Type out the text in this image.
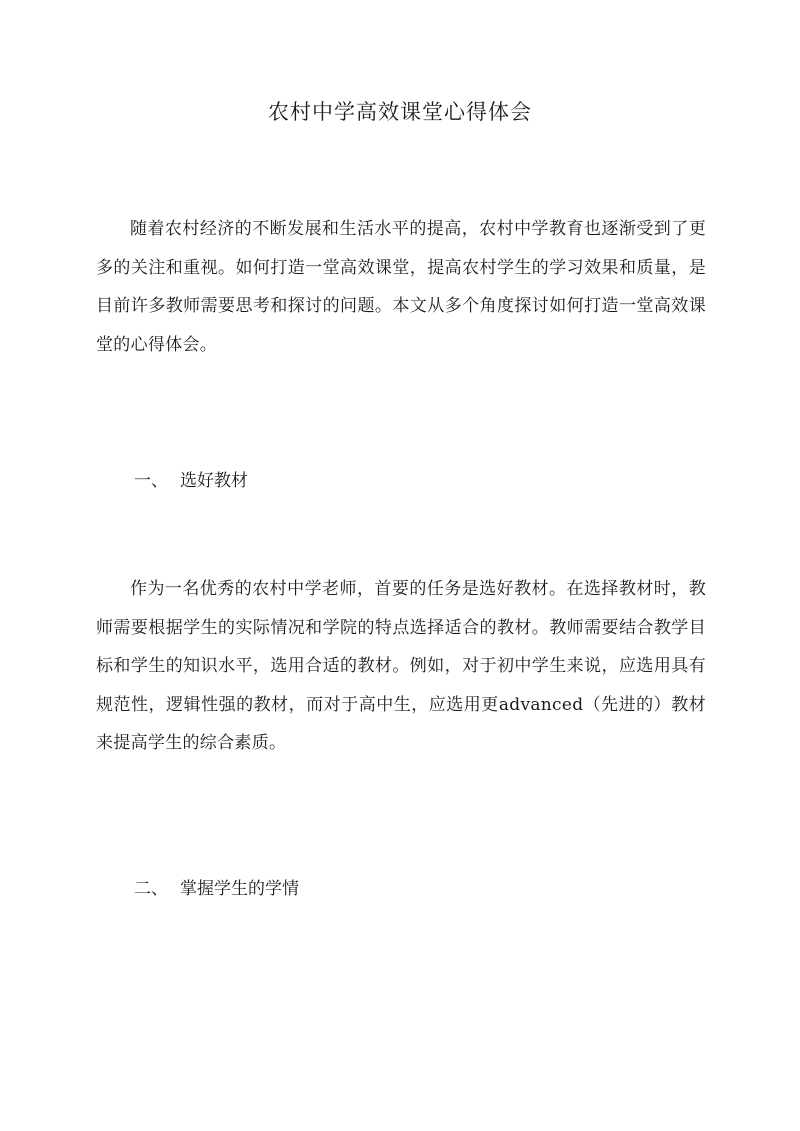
农村中学高效课堂心得体会

随着农村经济的不断发展和生活水平的提高，农村中学教育也逐渐受到了更多的关注和重视。如何打造一堂高效课堂，提高农村学生的学习效果和质量，是目前许多教师需要思考和探讨的问题。本文从多个角度探讨如何打造一堂高效课堂的心得体会。

一、 选好教材

作为一名优秀的农村中学老师，首要的任务是选好教材。在选择教材时，教师需要根据学生的实际情况和学院的特点选择适合的教材。教师需要结合教学目标和学生的知识水平，选用合适的教材。例如，对于初中学生来说，应选用具有规范性，逻辑性强的教材，而对于高中生，应选用更advanced（先进的）教材来提高学生的综合素质。

二、 掌握学生的学情
